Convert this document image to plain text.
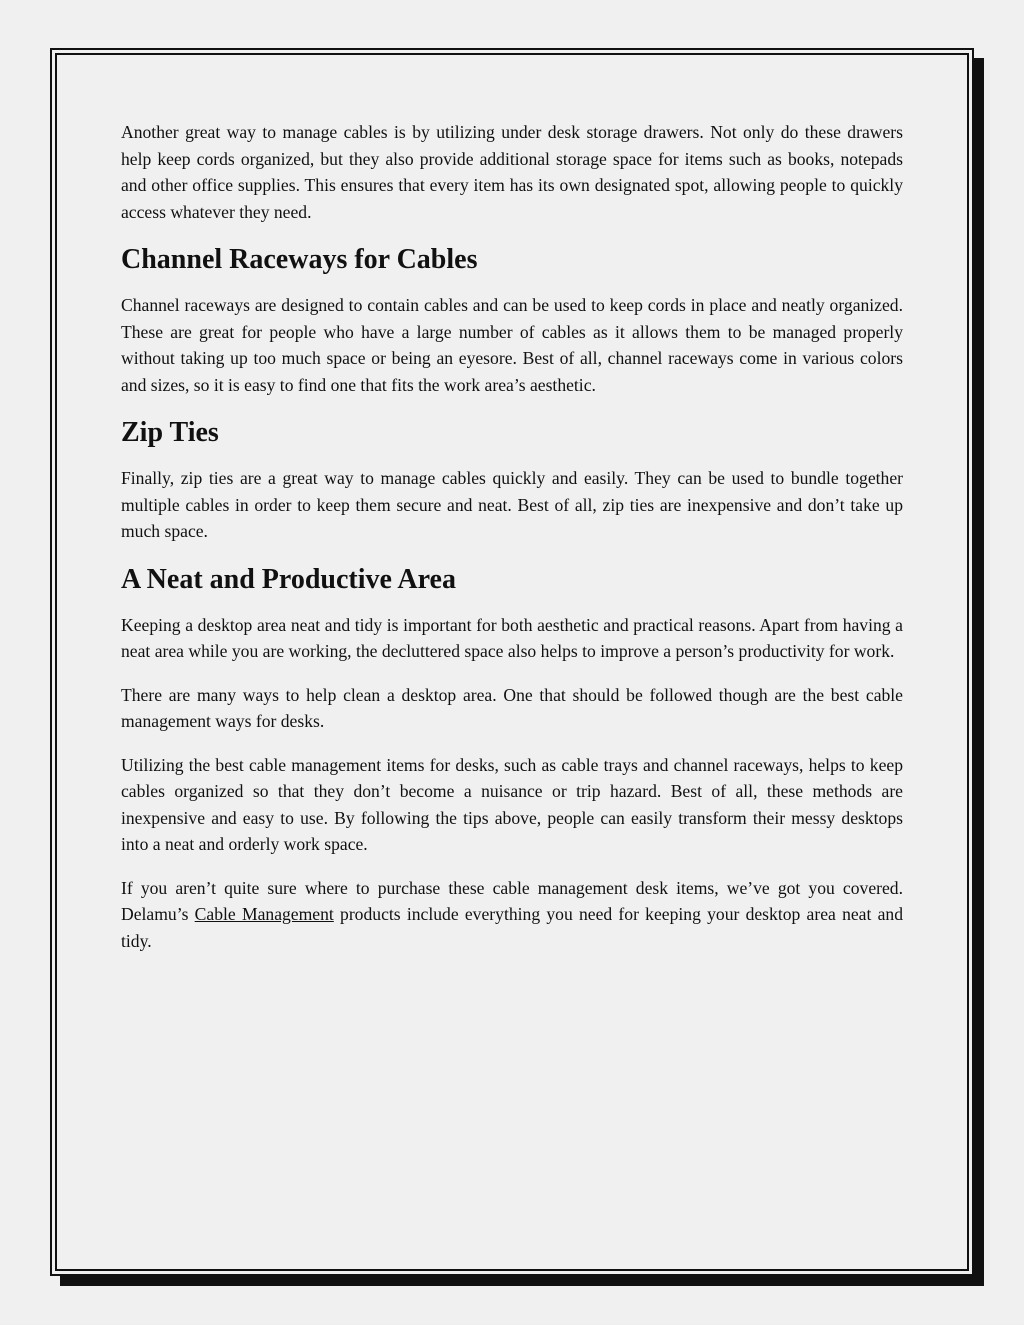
Another great way to manage cables is by utilizing under desk storage drawers. Not only do these drawers help keep cords organized, but they also provide additional storage space for items such as books, notepads and other office supplies. This ensures that every item has its own designated spot, allowing people to quickly access whatever they need.

Channel Raceways for Cables

Channel raceways are designed to contain cables and can be used to keep cords in place and neatly organized. These are great for people who have a large number of cables as it allows them to be managed properly without taking up too much space or being an eyesore. Best of all, channel raceways come in various colors and sizes, so it is easy to find one that fits the work area’s aesthetic.

Zip Ties

Finally, zip ties are a great way to manage cables quickly and easily. They can be used to bundle together multiple cables in order to keep them secure and neat. Best of all, zip ties are inexpensive and don’t take up much space.

A Neat and Productive Area

Keeping a desktop area neat and tidy is important for both aesthetic and practical reasons. Apart from having a neat area while you are working, the decluttered space also helps to improve a person’s productivity for work.

There are many ways to help clean a desktop area. One that should be followed though are the best cable management ways for desks.

Utilizing the best cable management items for desks, such as cable trays and channel raceways, helps to keep cables organized so that they don’t become a nuisance or trip hazard. Best of all, these methods are inexpensive and easy to use. By following the tips above, people can easily transform their messy desktops into a neat and orderly work space.

If you aren’t quite sure where to purchase these cable management desk items, we’ve got you covered. Delamu’s Cable Management products include everything you need for keeping your desktop area neat and tidy.
